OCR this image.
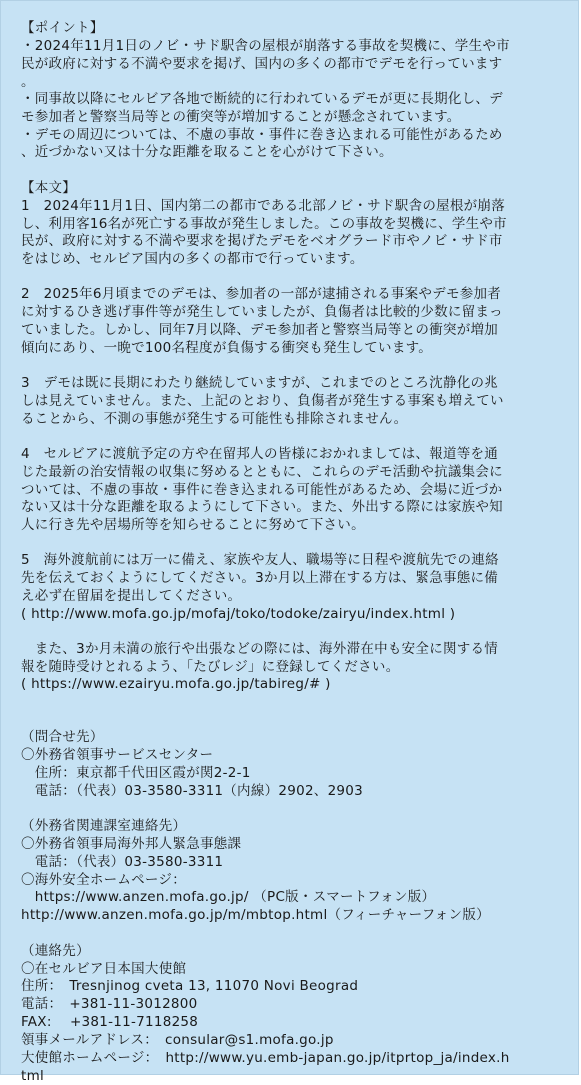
【ポイント】

・2024年11月1日のノビ・サド駅舎の屋根が崩落する事故を契機に、学生や市

民が政府に対する不満や要求を掲げ、国内の多くの都市でデモを行っています

。

・同事故以降にセルビア各地で断続的に行われているデモが更に長期化し、デ

モ参加者と警察当局等との衝突等が増加することが懸念されています。

・デモの周辺については、不慮の事故・事件に巻き込まれる可能性があるため

、近づかない又は十分な距離を取ることを心がけて下さい。

【本文】

1　2024年11月1日、国内第二の都市である北部ノビ・サド駅舎の屋根が崩落

し、利用客16名が死亡する事故が発生しました。この事故を契機に、学生や市

民が、政府に対する不満や要求を掲げたデモをベオグラード市やノビ・サド市

をはじめ、セルビア国内の多くの都市で行っています。

2　2025年6月頃までのデモは、参加者の一部が逮捕される事案やデモ参加者

に対するひき逃げ事件等が発生していましたが、負傷者は比較的少数に留まっ

ていました。しかし、同年7月以降、デモ参加者と警察当局等との衝突が増加

傾向にあり、一晩で100名程度が負傷する衝突も発生しています。

3　デモは既に長期にわたり継続していますが、これまでのところ沈静化の兆

しは見えていません。また、上記のとおり、負傷者が発生する事案も増えてい

ることから、不測の事態が発生する可能性も排除されません。

4　セルビアに渡航予定の方や在留邦人の皆様におかれましては、報道等を通

じた最新の治安情報の収集に努めるとともに、これらのデモ活動や抗議集会に

ついては、不慮の事故・事件に巻き込まれる可能性があるため、会場に近づか

ない又は十分な距離を取るようにして下さい。また、外出する際には家族や知

人に行き先や居場所等を知らせることに努めて下さい。

5　海外渡航前には万一に備え、家族や友人、職場等に日程や渡航先での連絡

先を伝えておくようにしてください。3か月以上滞在する方は、緊急事態に備

え必ず在留届を提出してください。

( http://www.mofa.go.jp/mofaj/toko/todoke/zairyu/index.html )

　また、3か月未満の旅行や出張などの際には、海外滞在中も安全に関する情

報を随時受けとれるよう、「たびレジ」に登録してください。

( https://www.ezairyu.mofa.go.jp/tabireg/# )

（問合せ先）

〇外務省領事サービスセンター

　住所：東京都千代田区霞が関2-2-1

　電話：（代表）03-3580-3311（内線）2902、2903

（外務省関連課室連絡先）

〇外務省領事局海外邦人緊急事態課

　電話：（代表）03-3580-3311

〇海外安全ホームページ：

　https://www.anzen.mofa.go.jp/ （PC版・スマートフォン版）

http://www.anzen.mofa.go.jp/m/mbtop.html（フィーチャーフォン版）

（連絡先）

〇在セルビア日本国大使館

住所：　Tresnjinog cveta 13, 11070 Novi Beograd

電話：　+381-11-3012800

FAX:　 +381-11-7118258

領事メールアドレス：　consular@s1.mofa.go.jp

大使館ホームページ：　http://www.yu.emb-japan.go.jp/itprtop_ja/index.h

tml
